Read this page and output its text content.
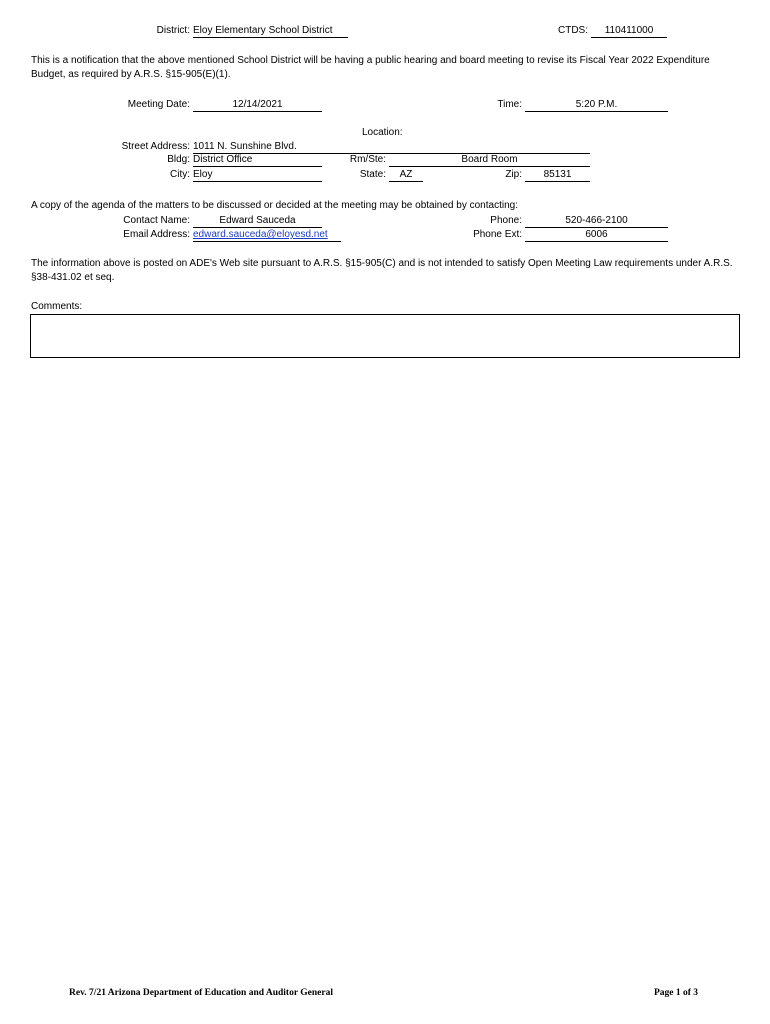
District: Eloy Elementary School District	CTDS:	110411000
This is a notification that the above mentioned School District will be having a public hearing and board meeting to revise its Fiscal Year 2022 Expenditure Budget, as required by A.R.S. §15-905(E)(1).
Meeting Date:	12/14/2021	Time:	5:20 P.M.
Location:
Street Address: 1011 N. Sunshine Blvd.
Bldg: District Office	Rm/Ste:	Board Room
City: Eloy	State:	AZ	Zip:	85131
A copy of the agenda of the matters to be discussed or decided at the meeting may be obtained by contacting:
Contact Name:	Edward Sauceda	Phone:	520-466-2100
Email Address: edward.sauceda@eloyesd.net	Phone Ext:	6006
The information above is posted on ADE's Web site pursuant to A.R.S. §15-905(C) and is not intended to satisfy Open Meeting Law requirements under A.R.S. §38-431.02 et seq.
Comments:
Rev. 7/21 Arizona Department of Education and Auditor General	Page 1 of 3
